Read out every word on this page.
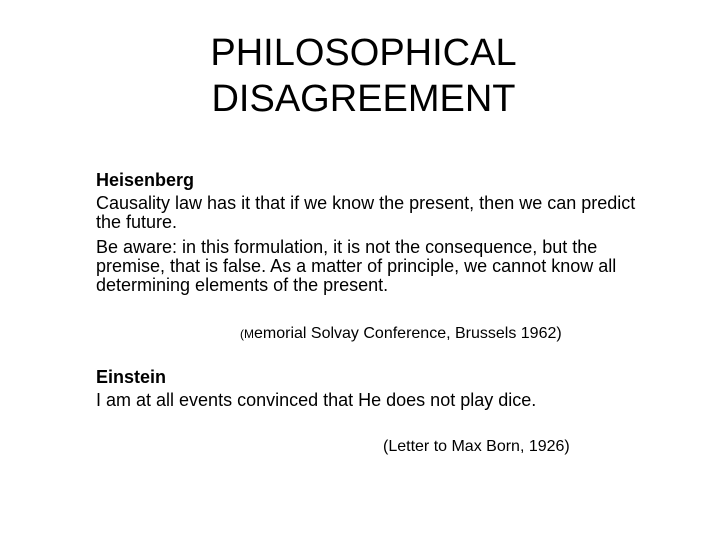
PHILOSOPHICAL
DISAGREEMENT
Heisenberg
Causality law has it that if we know the present, then we can predict the future.
Be aware: in this formulation, it is not the consequence, but the premise, that is false. As a matter of principle, we cannot know all determining elements of the present.
(Memorial Solvay Conference, Brussels 1962)
Einstein
I am at all events convinced that He does not play dice.
(Letter to Max Born, 1926)
